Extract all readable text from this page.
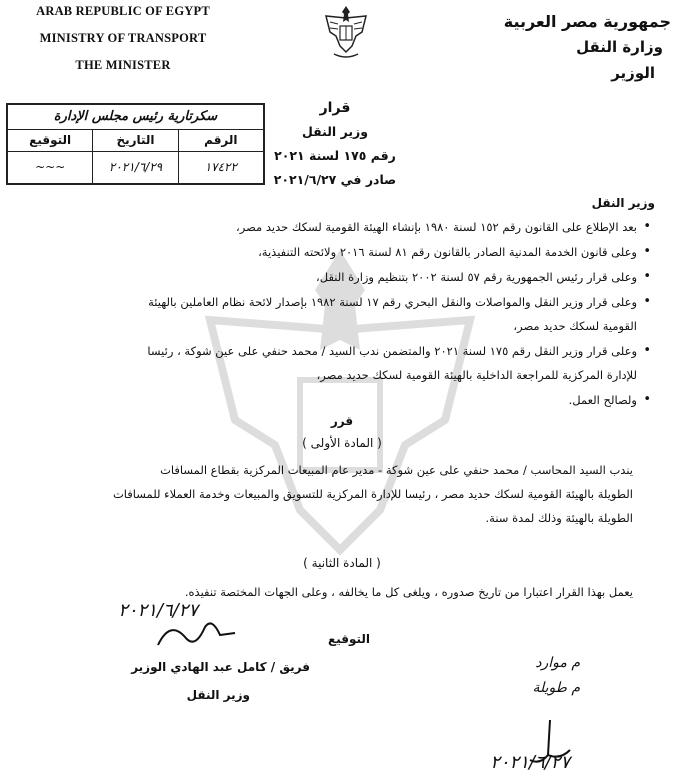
ARAB REPUBLIC OF EGYPT
MINISTRY OF TRANSPORT
THE MINISTER
جمهورية مصر العربية
وزارة النقل
الوزير
سكرتارية رئيس مجلس الإدارة
الرقم
التاريخ
التوقيع
١٧٤٢٢
٢٠٢١/٦/٢٩
~~~
قرار
وزير النقل
رقم ١٧٥ لسنة ٢٠٢١
صادر في ٢٠٢١/٦/٢٧
وزير النقل
• بعد الإطلاع على القانون رقم ١٥٢ لسنة ١٩٨٠ بإنشاء الهيئة القومية لسكك حديد مصر،
• وعلى قانون الخدمة المدنية الصادر بالقانون رقم ٨١ لسنة ٢٠١٦ ولائحته التنفيذية،
• وعلى قرار رئيس الجمهورية رقم ٥٧ لسنة ٢٠٠٢ بتنظيم وزارة النقل،
• وعلى قرار وزير النقل والمواصلات والنقل البحري رقم ١٧ لسنة ١٩٨٢ بإصدار لائحة نظام العاملين بالهيئة
القومية لسكك حديد مصر،
• وعلى قرار وزير النقل رقم ١٧٥ لسنة ٢٠٢١ والمتضمن ندب السيد / محمد حنفي على عين شوكة ، رئيسا
للإدارة المركزية للمراجعة الداخلية بالهيئة القومية لسكك حديد مصر،
• ولصالح العمل.
قرر
( المادة الأولى )
يندب السيد المحاسب / محمد حنفي على عين شوكة - مدير عام المبيعات المركزية بقطاع المسافات
الطويلة بالهيئة القومية لسكك حديد مصر ، رئيسا للإدارة المركزية للتسويق والمبيعات وخدمة العملاء للمسافات
الطويلة بالهيئة وذلك لمدة سنة.
( المادة الثانية )
يعمل بهذا القرار اعتبارا من تاريخ صدوره ، ويلغى كل ما يخالفه ، وعلى الجهات المختصة تنفيذه.
التوقيع
٢٠٢١/٦/٢٧
فريق / كامل عبد الهادي الوزير
وزير النقل
م موارد
م طويلة
٢٠٢١/٦/٢٧
